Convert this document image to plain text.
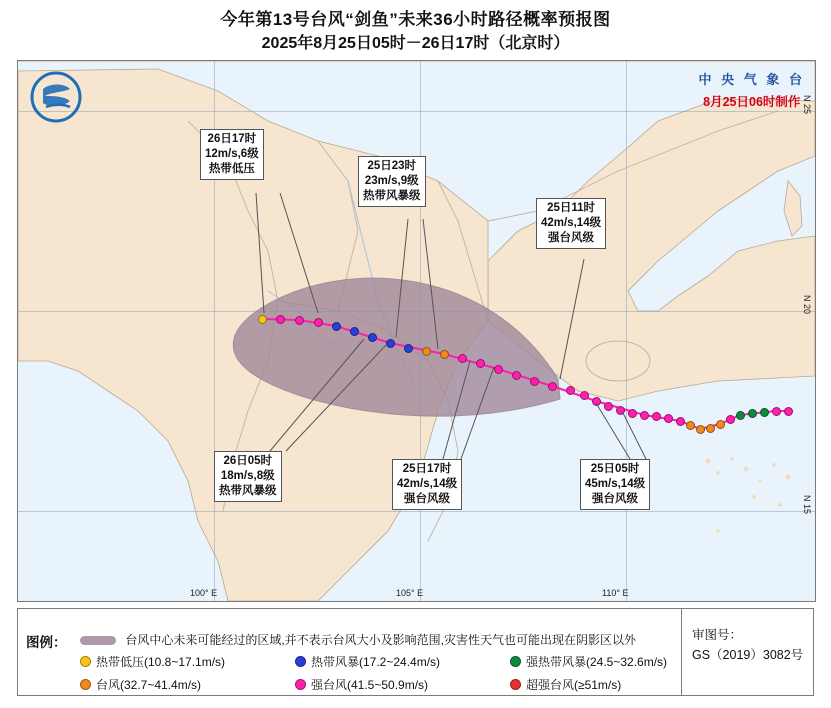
今年第13号台风“剑鱼”未来36小时路径概率预报图
2025年8月25日05时－26日17时（北京时）
26日17时
12m/s,6级
热带低压	25日23时
23m/s,9级
热带风暴级
25日11时
42m/s,14级
强台风级
26日05时
18m/s,8级
热带风暴级
25日17时
42m/s,14级
强台风级
25日05时
45m/s,14级
强台风级
中 央 气 象 台
8月25日06时制作
100° E	105° E	110° E
N 25
N 20
N 15
图例：	台风中心未来可能经过的区域,并不表示台风大小及影响范围,灾害性天气也可能出现在阴影区以外
热带低压(10.8~17.1m/s)	热带风暴(17.2~24.4m/s)	强热带风暴(24.5~32.6m/s)
台风(32.7~41.4m/s)	强台风(41.5~50.9m/s)	超强台风(≥51m/s)
审图号：
GS（2019）3082号
